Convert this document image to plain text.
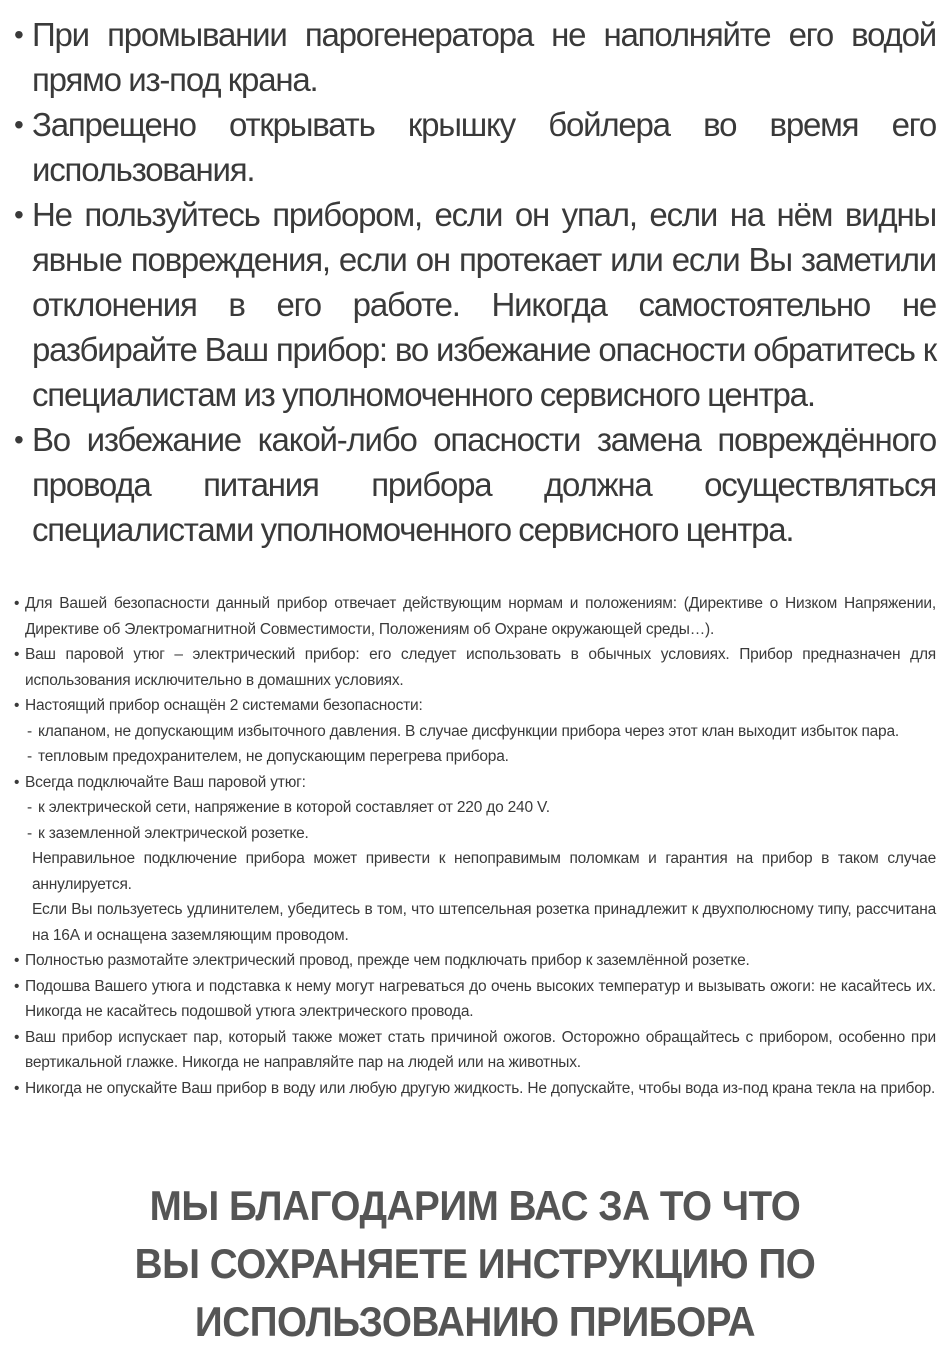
• При промывании парогенератора не наполняйте его водой прямо из-под крана.
• Запрещено открывать крышку бойлера во время его использования.
• Не пользуйтесь прибором, если он упал, если на нём видны явные повреждения, если он протекает или если Вы заметили отклонения в его работе. Никогда самостоятельно не разбирайте Ваш прибор: во избежание опасности обратитесь к специалистам из уполномоченного сервисного центра.
• Во избежание какой-либо опасности замена повреждённого провода питания прибора должна осуществляться специалистами уполномоченного сервисного центра.

• Для Вашей безопасности данный прибор отвечает действующим нормам и положениям: (Директиве о Низком Напряжении, Директиве об Электромагнитной Совместимости, Положениям об Охране окружающей среды…).

• Ваш паровой утюг – электрический прибор: его следует использовать в обычных условиях. Прибор предназначен для использования исключительно в домашних условиях.

• Настоящий прибор оснащён 2 системами безопасности:

- клапаном, не допускающим избыточного давления. В случае дисфункции прибора через этот клан выходит избыток пара.

- тепловым предохранителем, не допускающим перегрева прибора.

• Всегда подключайте Ваш паровой утюг:

- к электрической сети, напряжение в которой составляет от 220 до 240 V.

- к заземленной электрической розетке.

Неправильное подключение прибора может привести к непоправимым поломкам и гарантия на прибор в таком случае аннулируется.

Если Вы пользуетесь удлинителем, убедитесь в том, что штепсельная розетка принадлежит к двухполюсному типу, рассчитана на 16А и оснащена заземляющим проводом.

• Полностью размотайте электрический провод, прежде чем подключать прибор к заземлённой розетке.

• Подошва Вашего утюга и подставка к нему могут нагреваться до очень высоких температур и вызывать ожоги: не касайтесь их. Никогда не касайтесь подошвой утюга электрического провода.

• Ваш прибор испускает пар, который также может стать причиной ожогов. Осторожно обращайтесь с прибором, особенно при вертикальной глажке. Никогда не направляйте пар на людей или на животных.

• Никогда не опускайте Ваш прибор в воду или любую другую жидкость. Не допускайте, чтобы вода из-под крана текла на прибор.

МЫ БЛАГОДАРИМ ВАС ЗА ТО ЧТО
ВЫ СОХРАНЯЕТЕ ИНСТРУКЦИЮ ПО
ИСПОЛЬЗОВАНИЮ ПРИБОРА
